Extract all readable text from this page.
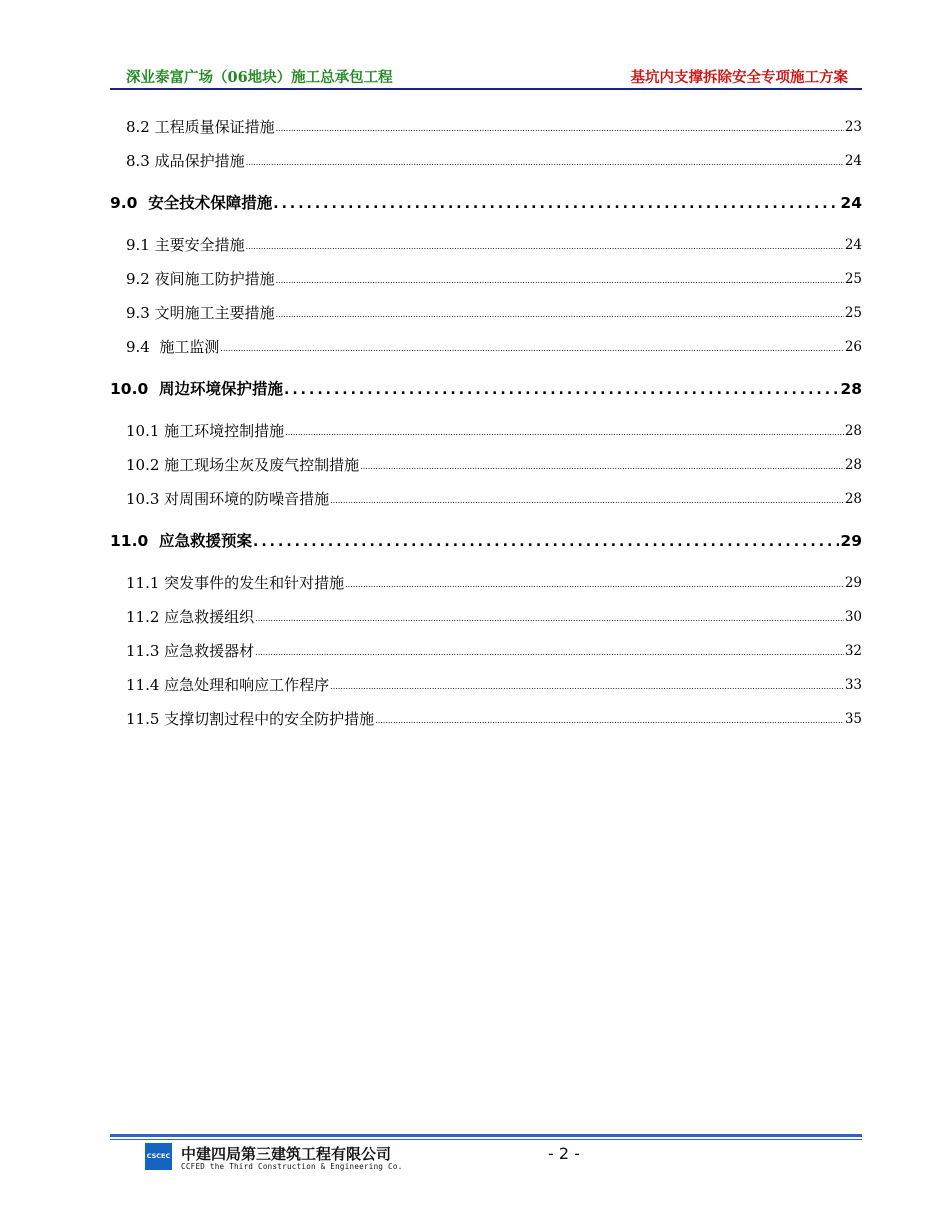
深业泰富广场（06地块）施工总承包工程	基坑内支撑拆除安全专项施工方案
8.2 工程质量保证措施 .....	23
8.3 成品保护措施 .....	24
9.0  安全技术保障措施 .....	24
9.1 主要安全措施 .....	24
9.2 夜间施工防护措施 .....	25
9.3 文明施工主要措施 .....	25
9.4  施工监测 .....	26
10.0  周边环境保护措施 .....	28
10.1 施工环境控制措施 .....	28
10.2 施工现场尘灰及废气控制措施 .....	28
10.3 对周围环境的防噪音措施 .....	28
11.0  应急救援预案 .....	29
11.1 突发事件的发生和针对措施 .....	29
11.2 应急救援组织 .....	30
11.3 应急救援器材 .....	32
11.4 应急处理和响应工作程序 .....	33
11.5 支撑切割过程中的安全防护措施 .....	35
CSCEC 中建四局第三建筑工程有限公司
CCFED the Third Construction & Engineering Co.
- 2 -
